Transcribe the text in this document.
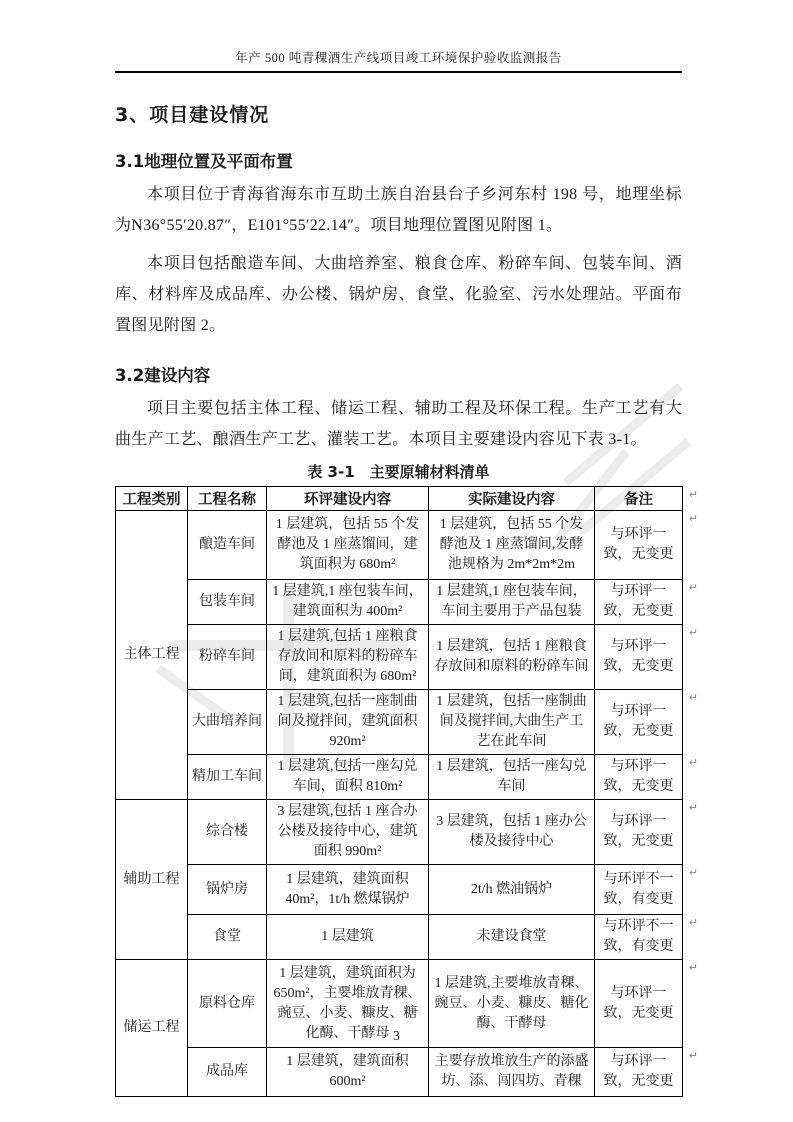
年产 500 吨青稞酒生产线项目竣工环境保护验收监测报告
3、项目建设情况
3.1地理位置及平面布置

本项目位于青海省海东市互助土族自治县台子乡河东村 198 号，地理坐标为N36°55′20.87″，E101°55′22.14″。项目地理位置图见附图 1。

本项目包括酿造车间、大曲培养室、粮食仓库、粉碎车间、包装车间、酒库、材料库及成品库、办公楼、锅炉房、食堂、化验室、污水处理站。平面布置图见附图 2。

3.2建设内容

项目主要包括主体工程、储运工程、辅助工程及环保工程。生产工艺有大曲生产工艺、酿酒生产工艺、灌装工艺。本项目主要建设内容见下表 3-1。

表 3-1　主要原辅材料清单
工程类别	工程名称	环评建设内容	实际建设内容	备注
主体工程	酿造车间	1 层建筑，包括 55 个发酵池及 1 座蒸馏间，建筑面积为 680m²	1 层建筑，包括 55 个发酵池及 1 座蒸馏间,发酵池规格为 2m*2m*2m	与环评一致，无变更
	包装车间	1 层建筑,1 座包装车间，建筑面积为 400m²	1 层建筑,1 座包装车间，车间主要用于产品包装	与环评一致，无变更
	粉碎车间	1 层建筑,包括 1 座粮食存放间和原料的粉碎车间，建筑面积为 680m²	1 层建筑，包括 1 座粮食存放间和原料的粉碎车间	与环评一致，无变更
	大曲培养间	1 层建筑,包括一座制曲间及搅拌间，建筑面积 920m²	1 层建筑，包括一座制曲间及搅拌间,大曲生产工艺在此车间	与环评一致，无变更
	精加工车间	1 层建筑,包括一座勾兑车间，面积 810m²	1 层建筑，包括一座勾兑车间	与环评一致，无变更
辅助工程	综合楼	3 层建筑,包括 1 座合办公楼及接待中心，建筑面积 990m²	3 层建筑，包括 1 座办公楼及接待中心	与环评一致，无变更
	锅炉房	1 层建筑，建筑面积 40m²，1t/h 燃煤锅炉	2t/h 燃油锅炉	与环评不一致，有变更
	食堂	1 层建筑	未建设食堂	与环评不一致，有变更
储运工程	原料仓库	1 层建筑，建筑面积为 650m²，主要堆放青稞、豌豆、小麦、糠皮、糖化酶、干酵母	1 层建筑,主要堆放青稞、豌豆、小麦、糠皮、糖化酶、干酵母	与环评一致，无变更
	成品库	1 层建筑，建筑面积 600m²	主要存放堆放生产的添盛坊、添、闯四坊、青稞	与环评一致，无变更
↵
↵
↵
↵
↵
↵
↵
↵
↵
↵
↵
3
